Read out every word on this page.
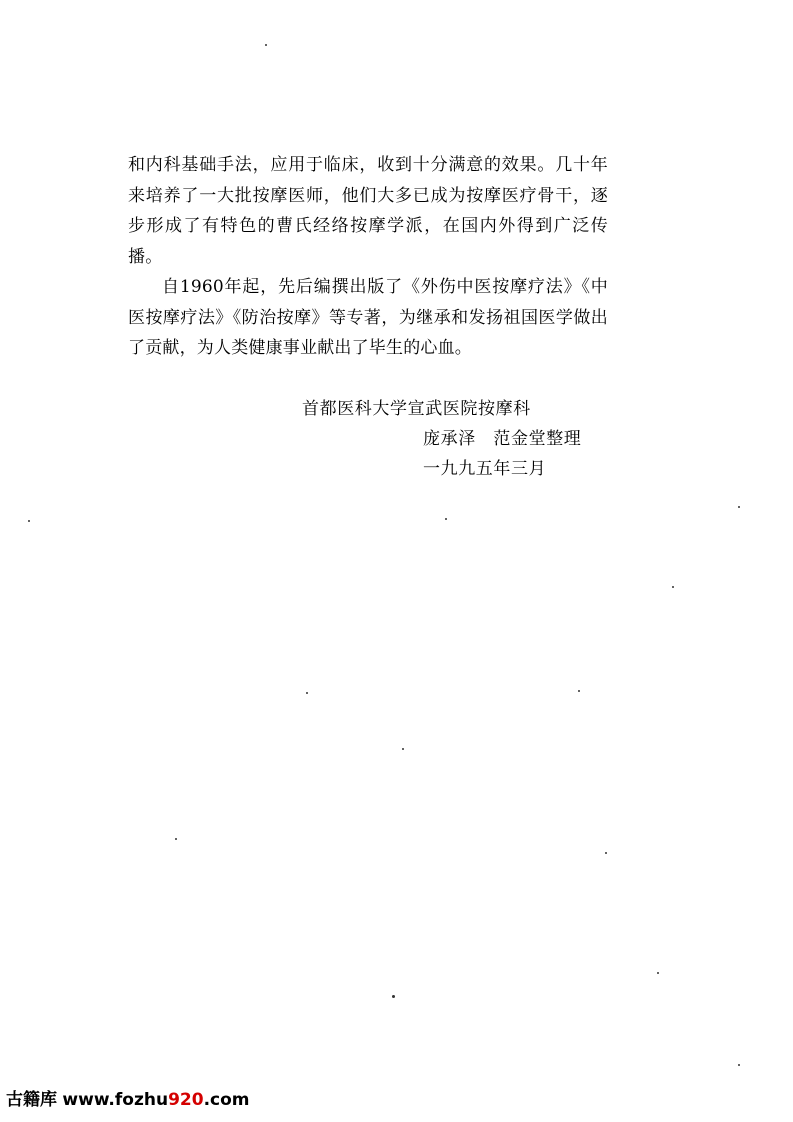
和内科基础手法，应用于临床，收到十分满意的效果。几十年来培养了一大批按摩医师，他们大多已成为按摩医疗骨干，逐步形成了有特色的曹氏经络按摩学派，在国内外得到广泛传播。

自1960年起，先后编撰出版了《外伤中医按摩疗法》《中医按摩疗法》《防治按摩》等专著，为继承和发扬祖国医学做出了贡献，为人类健康事业献出了毕生的心血。

首都医科大学宣武医院按摩科
庞承泽　范金堂整理
一九九五年三月
古籍库 www.fozhu920.com
